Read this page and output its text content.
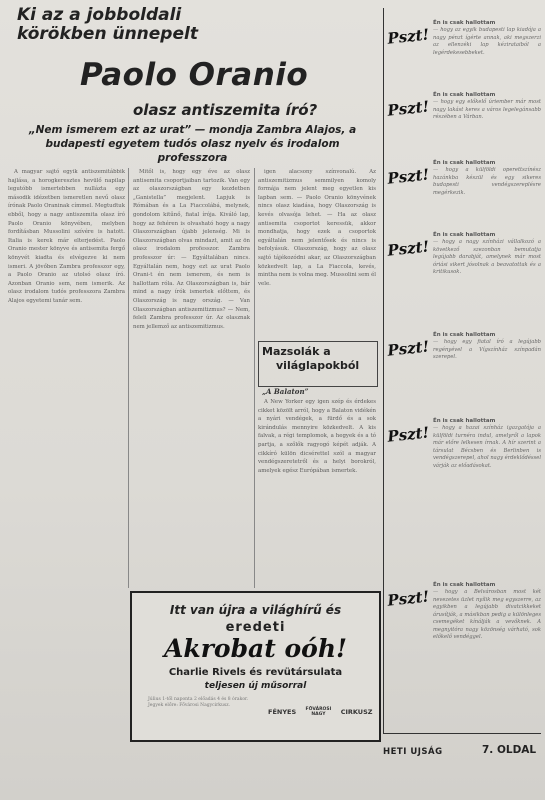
Ki az a jobboldali körökben ünnepelt
Paolo Oranio
olasz antiszemita író?
„Nem ismerem ezt az urat” — mondja Zambra Alajos, a budapesti egyetem tudós olasz nyelv és irodalom professzora

A magyar sajtó egyik antiszemitábbik hajlása, a horogkeresztes hevülő napilap legutóbb ismertebben nullázta egy második idézetben ismeretlen nevű olasz írónak Paolo Oraninak címmel. Megtudtuk ebből, hogy a nagy antiszemita olasz író Paolo Oranio könyvében, melyben fordításban Mussolini szívére is hatott. Italia is kerek már elterjedést. Paolo Oranio mester könyve és antisemita fergő könyvét kiadta és elvégezve ki nem ismeri. A jövőben Zambra professzor egy, a Paolo Oranio az utolsó olasz író. Azonban Oranio sem, nem ismerik. Az olasz irodalom tudós professzora Zambra Alajos egyetemi tanár sem.

Mitől is, hogy egy éve az olasz antisemita csoportjaiban tartozik. Van egy az olaszországban egy kezdetben „Ganistella” megjelent. Lapjuk is Rómában és a La Fiaccolábá, melynek, gondolom kitűnő, fiatal írója. Kiváló lap, hogy az fehéren is olvasható hogy a nagy Olaszországban újabb jelenség. Mi is Olaszországban olvas mindazt, amit az ön olasz irodalom professzor. Zambra professzor úr: — Egyáltalában nincs. Egyáltalán nem, hogy ezt az urat Paolo Orani-t én nem ismerem, és nem is hallottam róla. Az Olaszországban is, bár mind a nagy írók ismertek előttem, és Olaszország is nagy ország. — Van Olaszországban antiszemitizmus? — Nem, feleli Zambra professzor úr. Az olasznak nem jellemző az antiszemitizmus.

igen alacsony színvonalú. Az antiszemitizmus semmilyen komoly formája nem jelent meg egyetlen kis lapban sem. — Paolo Oranio könyvének nincs olasz kiadása, hogy Olaszország is kevés olvasója lehet. — Ha az olasz antisemita csoportot keressük, akkor mondhatja, hogy ezek a csoportok egyáltalán nem jelentősek és nincs is befolyásuk. Olaszország, hogy az olasz sajtó tájékozódni akar, az Olaszországban közkedvelt lap, a La Fiaccola, kevés, mintha nem is volna meg. Mussolini sem él vele.

Mazsolák a
világlapokból
„A Balaton”

A New Yorker egy igen szép és érdekes cikket közölt arról, hogy a Balaton vidékén a nyári vendégek, a fürdő és a sok kirándulás mennyire közkedvelt. A kis falvak, a régi templomok, a hegyek és a tó partja, a szőlők ragyogó képét adják. A cikkíró külön dicsérettel szól a magyar vendégszeretetről és a helyi borokról, amelyek egész Európában ismertek.

Pszt!
Én is csak hallottam
— hogy az egyik budapesti lap kiadója a nagy pénzt ígérte annak, aki megszerzi az ellenzéki lap kézirataiból a legérdekesebbeket.
Pszt!
Én is csak hallottam
— hogy egy előkelő úriember már most nagy lakást keres a város legelegánsabb részében a Várban.
Pszt!
Én is csak hallottam
— hogy a külföldi operettszínész hazánkba készül és egy sikeres budapesti vendégszereplésre megérkezik.
Pszt!
Én is csak hallottam
— hogy a nagy színházi vállalkozó a következő szezonban bemutatja legújabb darabját, amelynek már most óriási sikert jósolnak a beavatottak és a kritikusok.
Pszt!
Én is csak hallottam
— hogy egy fiatal író a legújabb regényével a Vígszínház színpadán szerepel.
Pszt!
Én is csak hallottam
— hogy a hazai színház igazgatója a külföldi turnéra indul, amelyről a lapok már előre lelkesen írnak. A hír szerint a társulat Bécsben és Berlinben is vendégszerepel, ahol nagy érdeklődéssel várják az előadásokat.
Pszt!
Én is csak hallottam
— hogy a Belvárosban most két nevezetes üzlet nyílik meg egyszerre, az egyikben a legújabb divatcikkeket árusítják, a másikban pedig a különleges csemegéket kínálják a vevőknek. A megnyitóra nagy közönség várható, sok előkelő vendéggel.
Itt van újra a világhírű és
eredeti
Akrobat oóh!
Charlie Rivels és revütársulata
teljesen új műsorral
Július 1-től naponta 2 előadás 4 és 8 órakor. Jegyek előre: Fővárosi Nagycirkusz.
FÉNYES FŐVÁROSI NAGY CIRKUSZ
HETI UJSÁG	7. OLDAL
